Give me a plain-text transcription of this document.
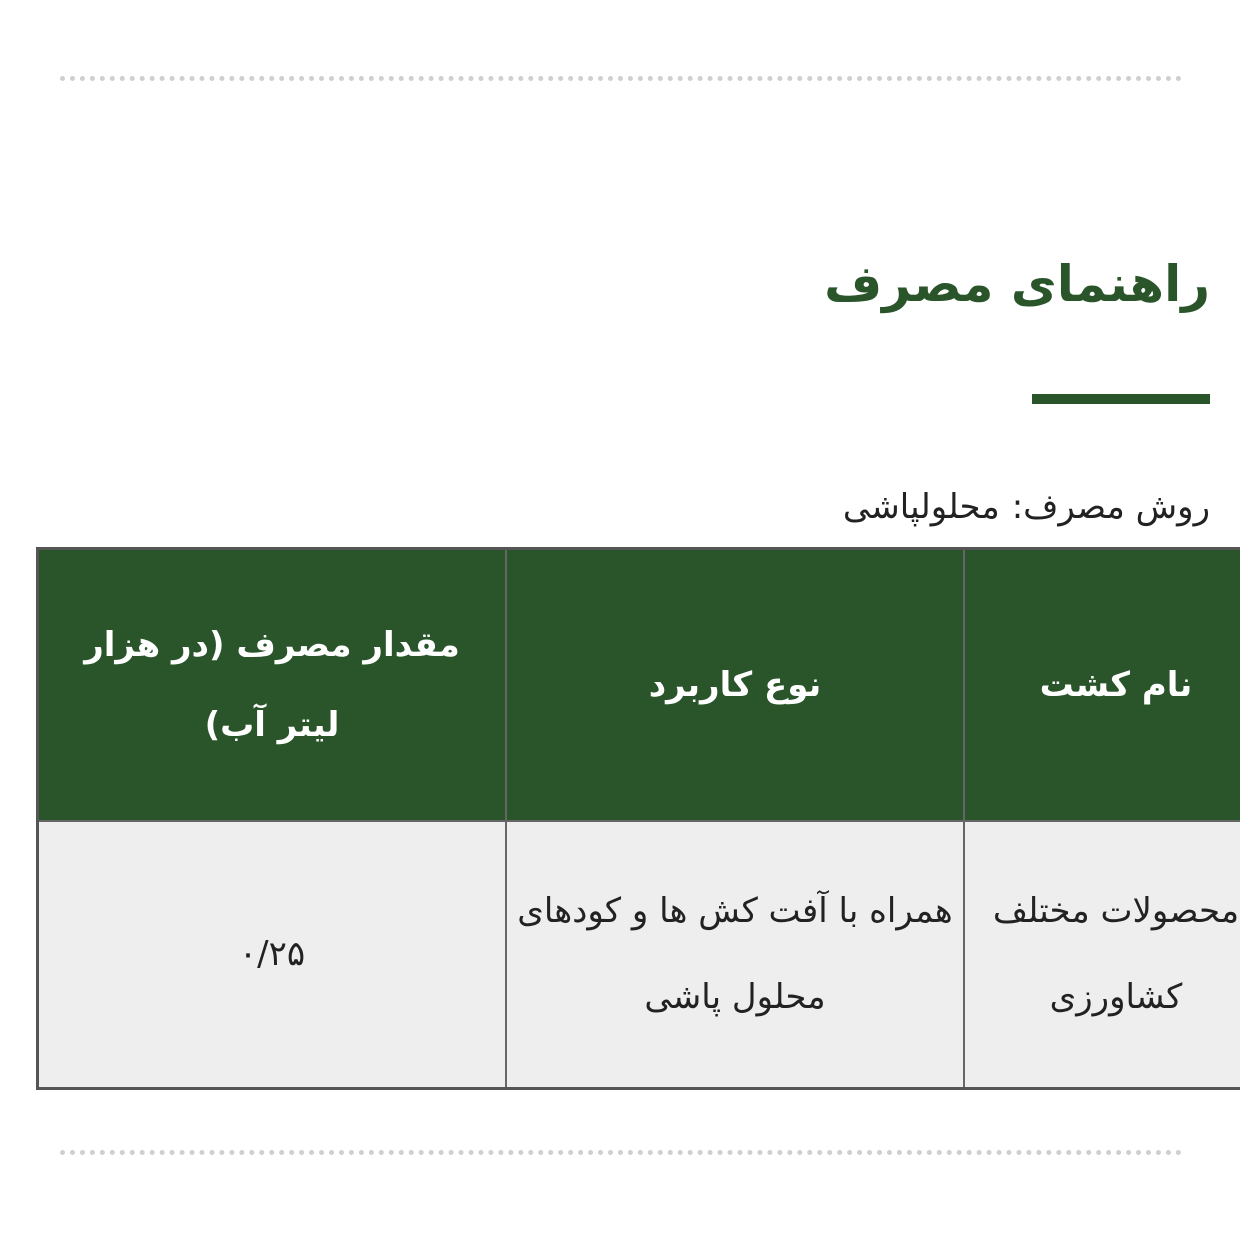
راهنمای مصرف
روش مصرف:محلولپاشی
نام کشت	نوع کاربرد	مقدار مصرف (در هزار لیتر آب)
محصولات مختلف کشاورزی	همراه با آفت کش ها و کودهای محلول پاشی	۰/۲۵
